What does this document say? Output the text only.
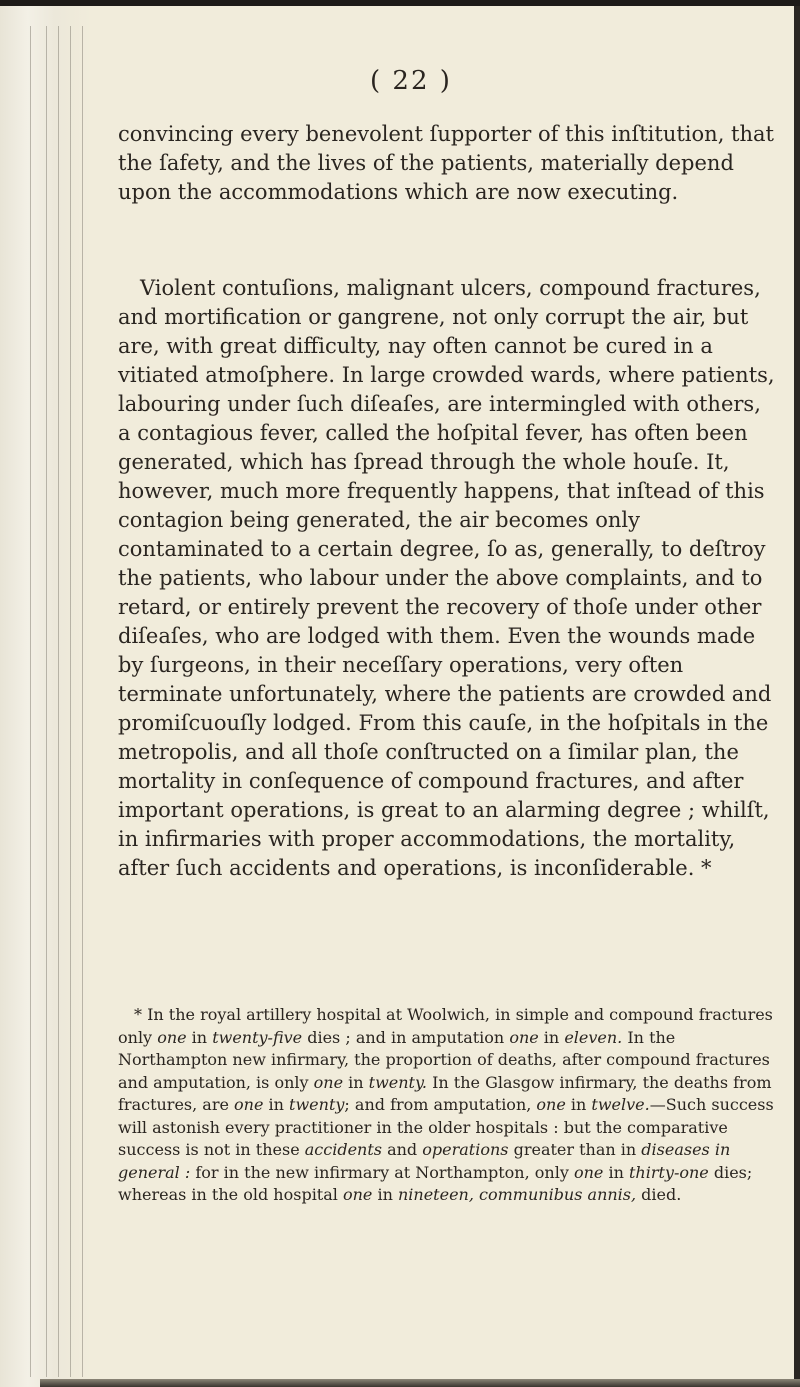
( 22 )

convincing every benevolent ſupporter of this inſtitution, that the ſafety, and the lives of the patients, materially depend upon the accommodations which are now executing.

Violent contuſions, malignant ulcers, compound fractures, and mortification or gangrene, not only corrupt the air, but are, with great difficulty, nay often cannot be cured in a vitiated atmoſphere. In large crowded wards, where patients, labouring under ſuch diſeaſes, are intermingled with others, a contagious fever, called the hoſpital fever, has often been generated, which has ſpread through the whole houſe. It, however, much more frequently happens, that inſtead of this contagion being generated, the air becomes only contaminated to a certain degree, ſo as, generally, to deſtroy the patients, who labour under the above complaints, and to retard, or entirely prevent the recovery of thoſe under other diſeaſes, who are lodged with them. Even the wounds made by ſurgeons, in their neceſſary operations, very often terminate unfortunately, where the patients are crowded and promiſcuouſly lodged. From this cauſe, in the hoſpitals in the metropolis, and all thoſe conſtructed on a ſimilar plan, the mortality in conſequence of compound fractures, and after important operations, is great to an alarming degree ; whilſt, in infirmaries with proper accommodations, the mortality, after ſuch accidents and operations, is inconſiderable. *

* In the royal artillery hospital at Woolwich, in simple and compound fractures only one in twenty-five dies ; and in amputation one in eleven. In the Northampton new infirmary, the proportion of deaths, after compound fractures and amputation, is only one in twenty. In the Glasgow infirmary, the deaths from fractures, are one in twenty; and from amputation, one in twelve.—Such success will astonish every practitioner in the older hospitals : but the comparative success is not in these accidents and operations greater than in diseases in general : for in the new infirmary at Northampton, only one in thirty-one dies; whereas in the old hospital one in nineteen, communibus annis, died.
